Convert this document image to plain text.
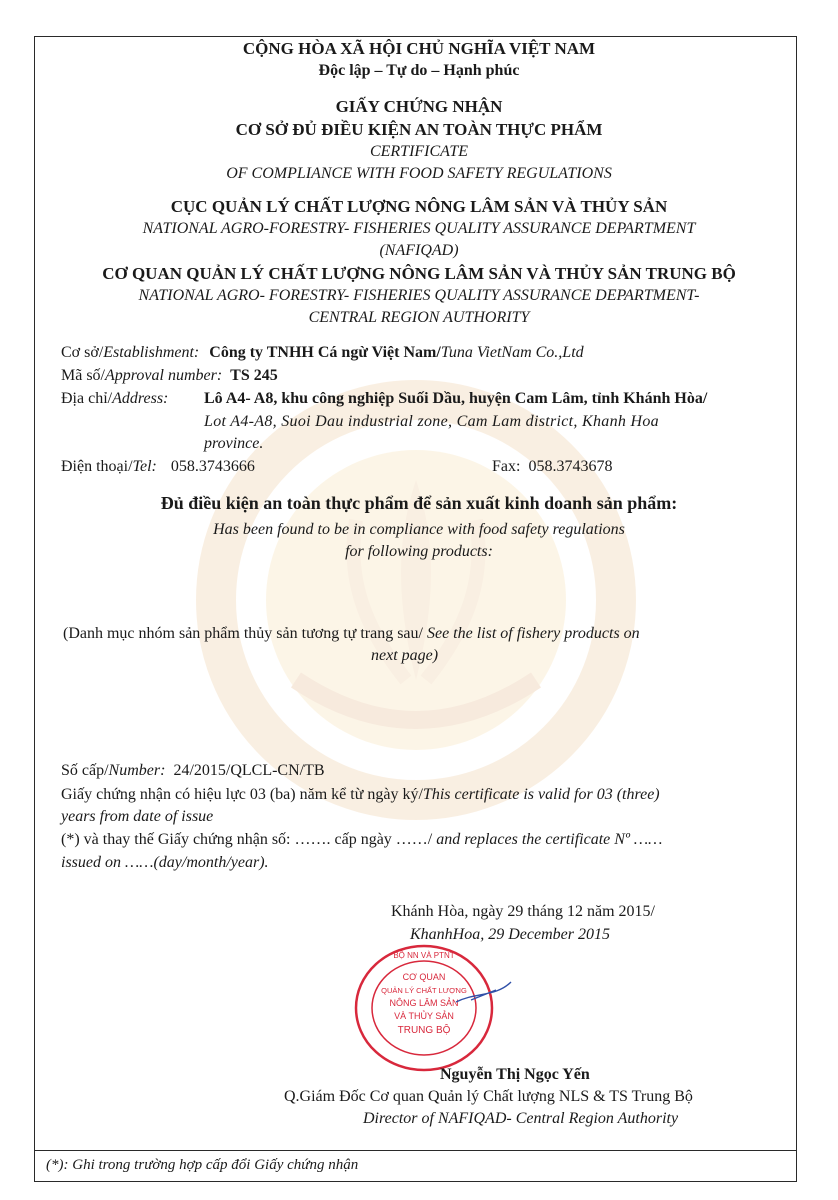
CỘNG HÒA XÃ HỘI CHỦ NGHĨA VIỆT NAM
Độc lập – Tự do – Hạnh phúc
GIẤY CHỨNG NHẬN
CƠ SỞ ĐỦ ĐIỀU KIỆN AN TOÀN THỰC PHẨM
CERTIFICATE
OF COMPLIANCE WITH FOOD SAFETY REGULATIONS
CỤC QUẢN LÝ CHẤT LƯỢNG NÔNG LÂM SẢN VÀ THỦY SẢN
NATIONAL AGRO-FORESTRY- FISHERIES QUALITY ASSURANCE DEPARTMENT
(NAFIQAD)
CƠ QUAN QUẢN LÝ CHẤT LƯỢNG NÔNG LÂM SẢN VÀ THỦY SẢN TRUNG BỘ
NATIONAL AGRO- FORESTRY- FISHERIES QUALITY ASSURANCE DEPARTMENT-
CENTRAL REGION AUTHORITY
Cơ sở/Establishment: Công ty TNHH Cá ngừ Việt Nam/Tuna VietNam Co.,Ltd
Mã số/Approval number: TS 245
Địa chỉ/Address: Lô A4- A8, khu công nghiệp Suối Dầu, huyện Cam Lâm, tỉnh Khánh Hòa/
Lot A4-A8, Suoi Dau industrial zone, Cam Lam district, Khanh Hoa
province.
Điện thoại/Tel: 058.3743666	Fax: 058.3743678
Đủ điều kiện an toàn thực phẩm để sản xuất kinh doanh sản phẩm:
Has been found to be in compliance with food safety regulations
for following products:
(Danh mục nhóm sản phẩm thủy sản tương tự trang sau/ See the list of fishery products on
next page)
Số cấp/Number: 24/2015/QLCL-CN/TB
Giấy chứng nhận có hiệu lực 03 (ba) năm kể từ ngày ký/This certificate is valid for 03 (three)
years from date of issue
(*) và thay thế Giấy chứng nhận số: ……. cấp ngày ……/ and replaces the certificate Nº ……
issued on ……(day/month/year).
Khánh Hòa, ngày 29 tháng 12 năm 2015/
KhanhHoa, 29 December 2015
BỘ NN VÀ PTNT
CƠ QUAN
QUẢN LÝ CHẤT LƯỢNG
NÔNG LÂM SẢN
VÀ THỦY SẢN
TRUNG BỘ
Nguyễn Thị Ngọc Yến
Q.Giám Đốc Cơ quan Quản lý Chất lượng NLS & TS Trung Bộ
Director of NAFIQAD- Central Region Authority
(*): Ghi trong trường hợp cấp đổi Giấy chứng nhận
